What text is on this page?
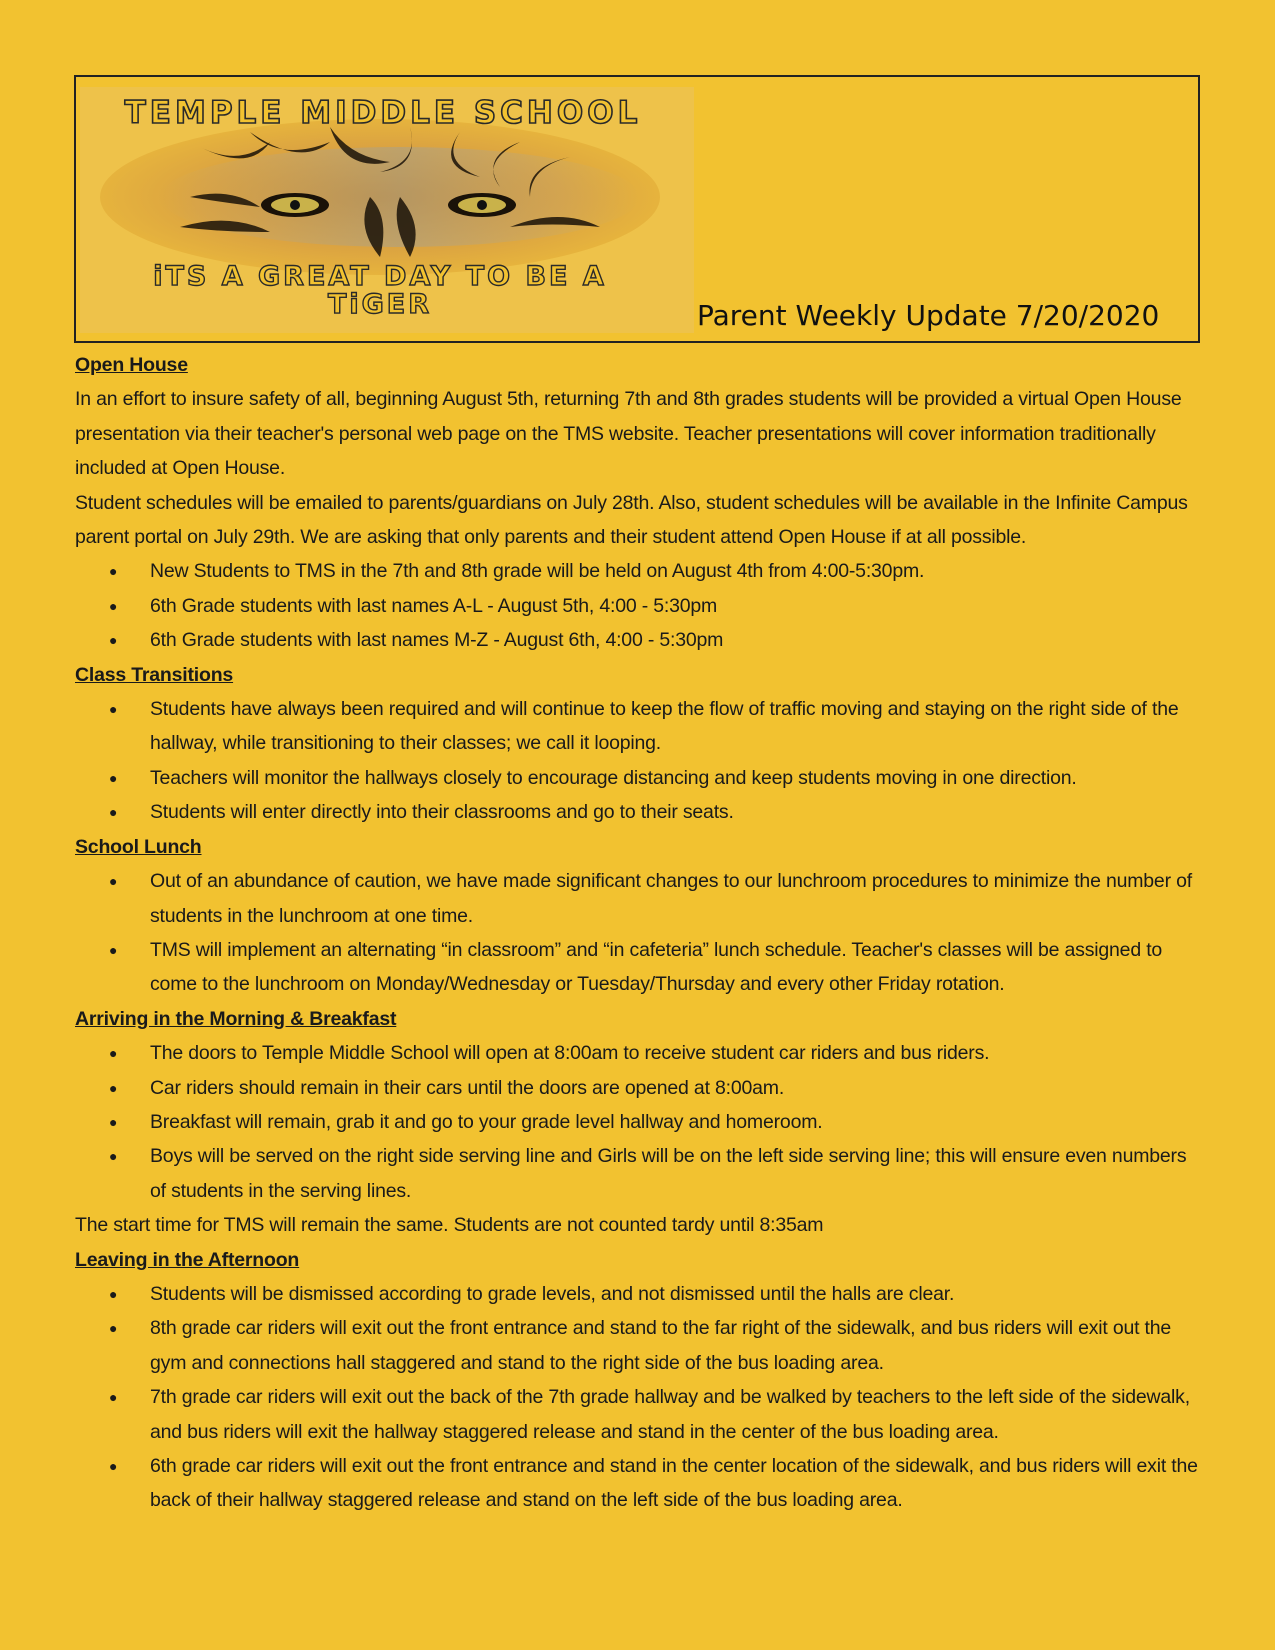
TEMPLE MIDDLE SCHOOL
iTS A GREAT DAY TO BE A
TiGER	Parent Weekly Update 7/20/2020

Open House

In an effort to insure safety of all, beginning August 5th, returning 7th and 8th grades students will be provided a virtual Open House presentation via their teacher's personal web page on the TMS website. Teacher presentations will cover information traditionally included at Open House.

Student schedules will be emailed to parents/guardians on July 28th. Also, student schedules will be available in the Infinite Campus parent portal on July 29th. We are asking that only parents and their student attend Open House if at all possible.

● New Students to TMS in the 7th and 8th grade will be held on August 4th from 4:00-5:30pm.
● 6th Grade students with last names A-L - August 5th, 4:00 - 5:30pm
● 6th Grade students with last names M-Z - August 6th, 4:00 - 5:30pm

Class Transitions

● Students have always been required and will continue to keep the flow of traffic moving and staying on the right side of the hallway, while transitioning to their classes; we call it looping.
● Teachers will monitor the hallways closely to encourage distancing and keep students moving in one direction.
● Students will enter directly into their classrooms and go to their seats.

School Lunch

● Out of an abundance of caution, we have made significant changes to our lunchroom procedures to minimize the number of students in the lunchroom at one time.
● TMS will implement an alternating “in classroom” and “in cafeteria” lunch schedule. Teacher's classes will be assigned to come to the lunchroom on Monday/Wednesday or Tuesday/Thursday and every other Friday rotation.

Arriving in the Morning & Breakfast

● The doors to Temple Middle School will open at 8:00am to receive student car riders and bus riders.
● Car riders should remain in their cars until the doors are opened at 8:00am.
● Breakfast will remain, grab it and go to your grade level hallway and homeroom.
● Boys will be served on the right side serving line and Girls will be on the left side serving line; this will ensure even numbers of students in the serving lines.

The start time for TMS will remain the same. Students are not counted tardy until 8:35am

Leaving in the Afternoon

● Students will be dismissed according to grade levels, and not dismissed until the halls are clear.
● 8th grade car riders will exit out the front entrance and stand to the far right of the sidewalk, and bus riders will exit out the gym and connections hall staggered and stand to the right side of the bus loading area.
● 7th grade car riders will exit out the back of the 7th grade hallway and be walked by teachers to the left side of the sidewalk, and bus riders will exit the hallway staggered release and stand in the center of the bus loading area.
● 6th grade car riders will exit out the front entrance and stand in the center location of the sidewalk, and bus riders will exit the back of their hallway staggered release and stand on the left side of the bus loading area.
